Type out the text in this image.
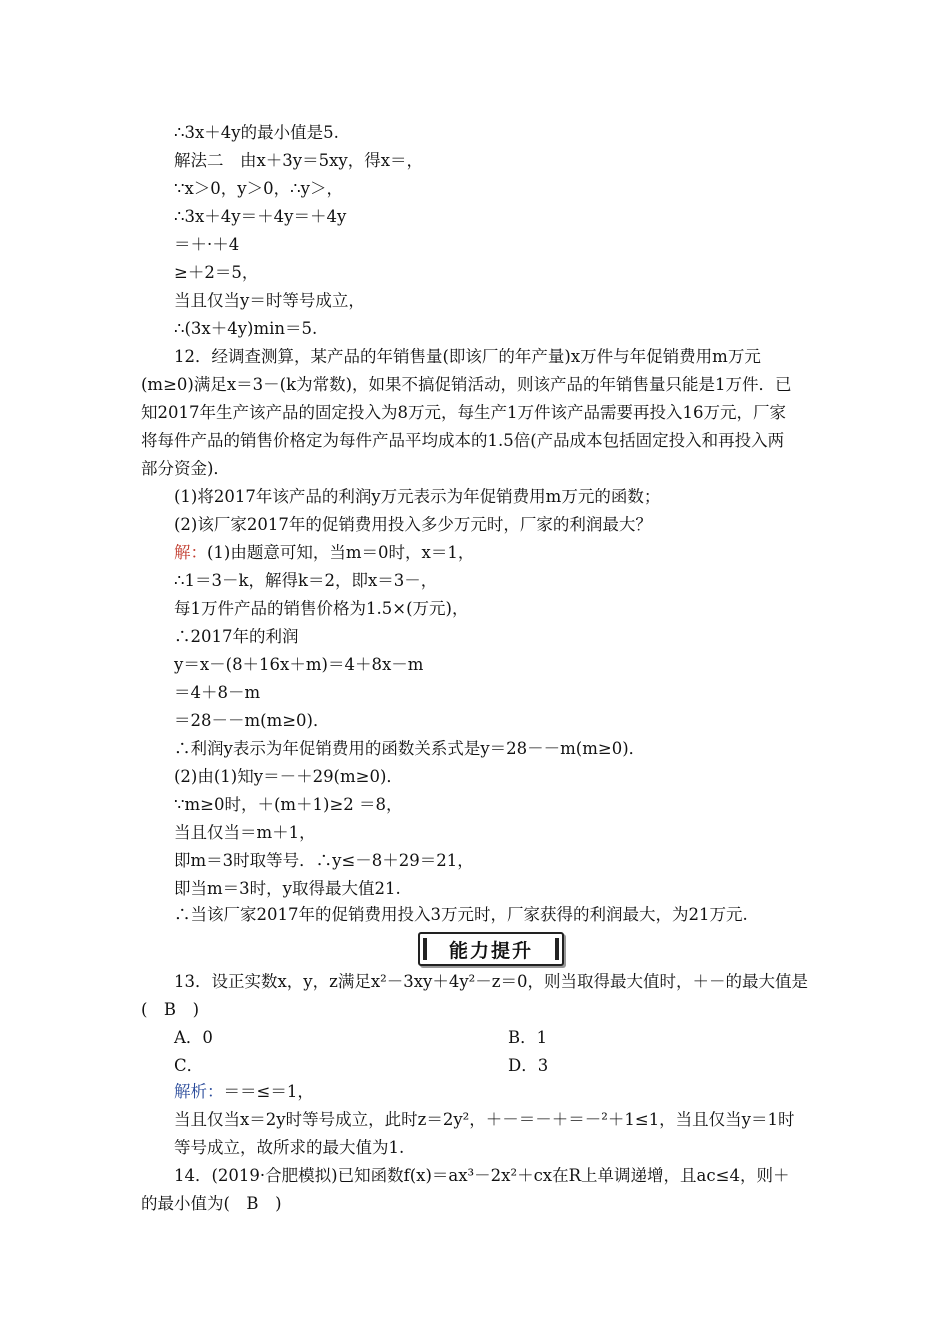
∴3x＋4y的最小值是5.
解法二　由x＋3y＝5xy，得x＝，
∵x＞0，y＞0，∴y＞，
∴3x＋4y＝＋4y＝＋4y
＝＋·＋4
≥＋2＝5，
当且仅当y＝时等号成立，
∴(3x＋4y)min＝5.
12．经调查测算，某产品的年销售量(即该厂的年产量)x万件与年促销费用m万元
(m≥0)满足x＝3－(k为常数)，如果不搞促销活动，则该产品的年销售量只能是1万件．已
知2017年生产该产品的固定投入为8万元，每生产1万件该产品需要再投入16万元，厂家
将每件产品的销售价格定为每件产品平均成本的1.5倍(产品成本包括固定投入和再投入两
部分资金)．
(1)将2017年该产品的利润y万元表示为年促销费用m万元的函数；
(2)该厂家2017年的促销费用投入多少万元时，厂家的利润最大？
解：(1)由题意可知，当m＝0时，x＝1，
∴1＝3－k，解得k＝2，即x＝3－，
每1万件产品的销售价格为1.5×(万元)，
∴2017年的利润
y＝x－(8＋16x＋m)＝4＋8x－m
＝4＋8－m
＝28－－m(m≥0)．
∴利润y表示为年促销费用的函数关系式是y＝28－－m(m≥0)．
(2)由(1)知y＝－＋29(m≥0)．
∵m≥0时，＋(m＋1)≥2 ＝8，
当且仅当＝m＋1，
即m＝3时取等号．∴y≤－8＋29＝21，
即当m＝3时，y取得最大值21.
∴当该厂家2017年的促销费用投入3万元时，厂家获得的利润最大，为21万元.
能力提升
13．设正实数x，y，z满足x²－3xy＋4y²－z＝0，则当取得最大值时，＋－的最大值是
(　B　)
A．0	B．1
C．	D．3
解析：＝＝≤＝1，
当且仅当x＝2y时等号成立，此时z＝2y²，＋－＝－＋＝－²＋1≤1，当且仅当y＝1时
等号成立，故所求的最大值为1.
14．(2019·合肥模拟)已知函数f(x)＝ax³－2x²＋cx在R上单调递增，且ac≤4，则＋
的最小值为(　B　)
